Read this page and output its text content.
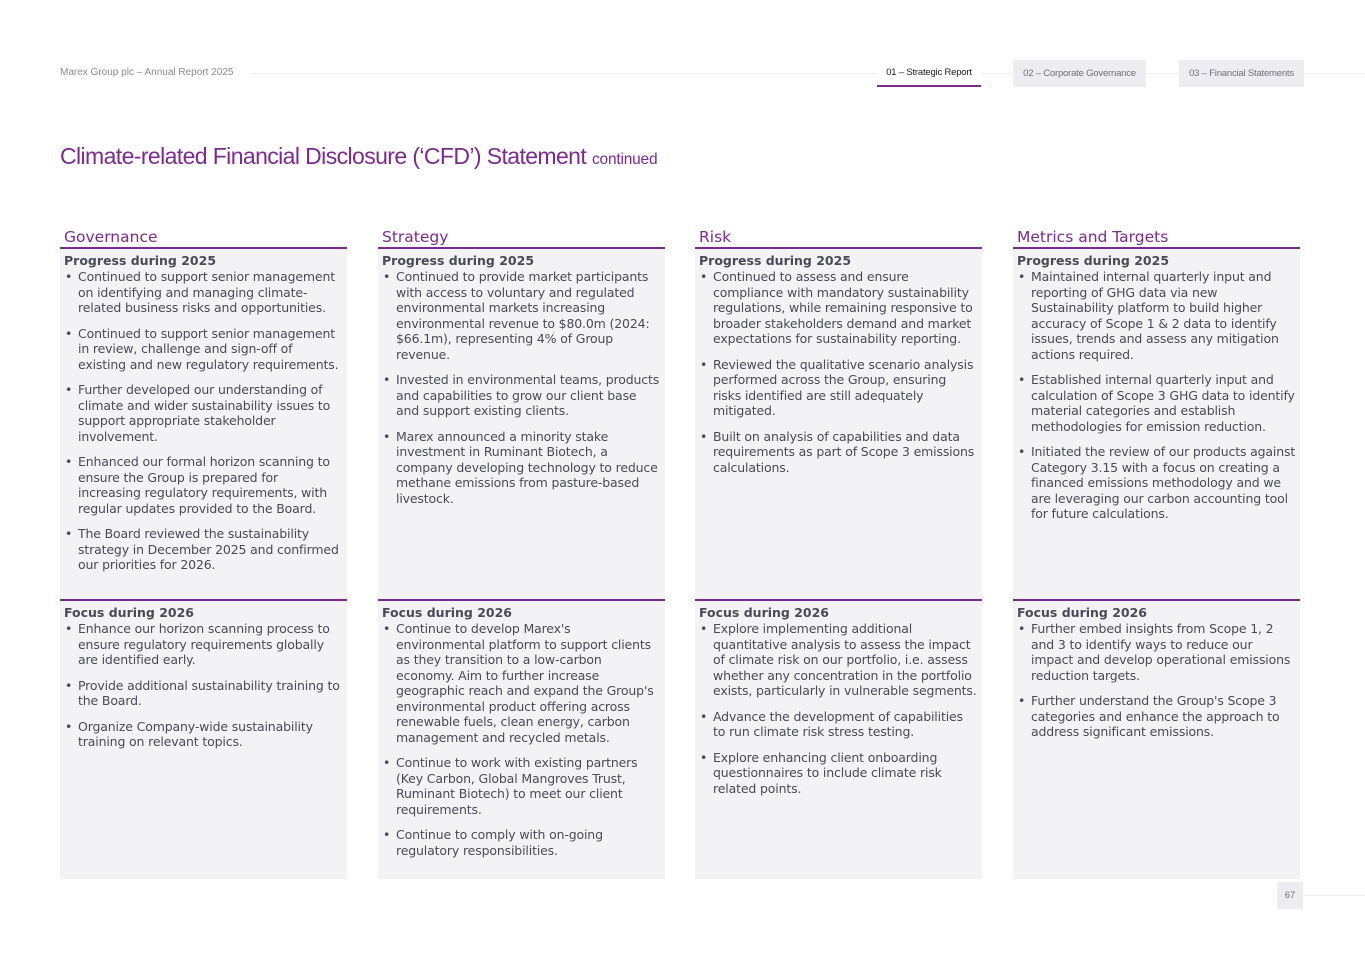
Marex Group plc – Annual Report 2025	01 – Strategic Report	02 – Corporate Governance	03 – Financial Statements
Climate-related Financial Disclosure (‘CFD’) Statement continued
Governance
Progress during 2025
• Continued to support senior management on identifying and managing climate-related business risks and opportunities.
• Continued to support senior management in review, challenge and sign-off of existing and new regulatory requirements.
• Further developed our understanding of climate and wider sustainability issues to support appropriate stakeholder involvement.
• Enhanced our formal horizon scanning to ensure the Group is prepared for increasing regulatory requirements, with regular updates provided to the Board.
• The Board reviewed the sustainability strategy in December 2025 and confirmed our priorities for 2026.
Focus during 2026
• Enhance our horizon scanning process to ensure regulatory requirements globally are identified early.
• Provide additional sustainability training to the Board.
• Organize Company-wide sustainability training on relevant topics.
Strategy
Progress during 2025
• Continued to provide market participants with access to voluntary and regulated environmental markets increasing environmental revenue to $80.0m (2024: $66.1m), representing 4% of Group revenue.
• Invested in environmental teams, products and capabilities to grow our client base and support existing clients.
• Marex announced a minority stake investment in Ruminant Biotech, a company developing technology to reduce methane emissions from pasture-based livestock.
Focus during 2026
• Continue to develop Marex's environmental platform to support clients as they transition to a low-carbon economy. Aim to further increase geographic reach and expand the Group's environmental product offering across renewable fuels, clean energy, carbon management and recycled metals.
• Continue to work with existing partners (Key Carbon, Global Mangroves Trust, Ruminant Biotech) to meet our client requirements.
• Continue to comply with on-going regulatory responsibilities.
Risk
Progress during 2025
• Continued to assess and ensure compliance with mandatory sustainability regulations, while remaining responsive to broader stakeholders demand and market expectations for sustainability reporting.
• Reviewed the qualitative scenario analysis performed across the Group, ensuring risks identified are still adequately mitigated.
• Built on analysis of capabilities and data requirements as part of Scope 3 emissions calculations.
Focus during 2026
• Explore implementing additional quantitative analysis to assess the impact of climate risk on our portfolio, i.e. assess whether any concentration in the portfolio exists, particularly in vulnerable segments.
• Advance the development of capabilities to run climate risk stress testing.
• Explore enhancing client onboarding questionnaires to include climate risk related points.
Metrics and Targets
Progress during 2025
• Maintained internal quarterly input and reporting of GHG data via new Sustainability platform to build higher accuracy of Scope 1 & 2 data to identify issues, trends and assess any mitigation actions required.
• Established internal quarterly input and calculation of Scope 3 GHG data to identify material categories and establish methodologies for emission reduction.
• Initiated the review of our products against Category 3.15 with a focus on creating a financed emissions methodology and we are leveraging our carbon accounting tool for future calculations.
Focus during 2026
• Further embed insights from Scope 1, 2 and 3 to identify ways to reduce our impact and develop operational emissions reduction targets.
• Further understand the Group's Scope 3 categories and enhance the approach to address significant emissions.
67
